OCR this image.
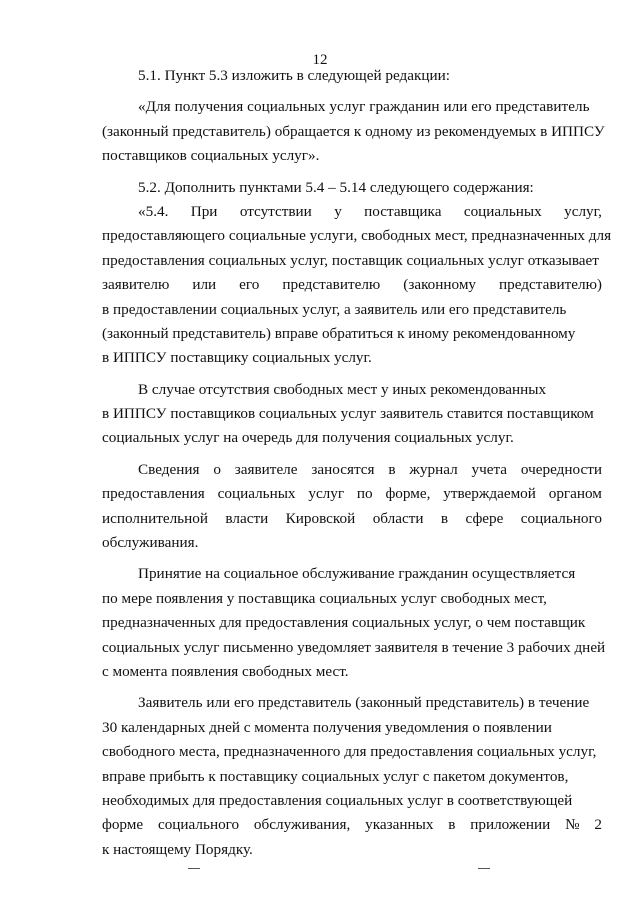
12
5.1. Пункт 5.3 изложить в следующей редакции:
«Для получения социальных услуг гражданин или его представитель
(законный представитель) обращается к одному из рекомендуемых в ИППСУ
поставщиков социальных услуг».
5.2. Дополнить пунктами 5.4 – 5.14 следующего содержания:
«5.4. При отсутствии у поставщика социальных услуг,
предоставляющего социальные услуги, свободных мест, предназначенных для
предоставления социальных услуг, поставщик социальных услуг отказывает
заявителю или его представителю (законному представителю)
в предоставлении социальных услуг, а заявитель или его представитель
(законный представитель) вправе обратиться к иному рекомендованному
в ИППСУ поставщику социальных услуг.
В случае отсутствия свободных мест у иных рекомендованных
в ИППСУ поставщиков социальных услуг заявитель ставится поставщиком
социальных услуг на очередь для получения социальных услуг.
Сведения о заявителе заносятся в журнал учета очередности
предоставления социальных услуг по форме, утверждаемой органом
исполнительной власти Кировской области в сфере социального
обслуживания.
Принятие на социальное обслуживание гражданин осуществляется
по мере появления у поставщика социальных услуг свободных мест,
предназначенных для предоставления социальных услуг, о чем поставщик
социальных услуг письменно уведомляет заявителя в течение 3 рабочих дней
с момента появления свободных мест.
Заявитель или его представитель (законный представитель) в течение
30 календарных дней с момента получения уведомления о появлении
свободного места, предназначенного для предоставления социальных услуг,
вправе прибыть к поставщику социальных услуг с пакетом документов,
необходимых для предоставления социальных услуг в соответствующей
форме социального обслуживания, указанных в приложении № 2
к настоящему Порядку.
